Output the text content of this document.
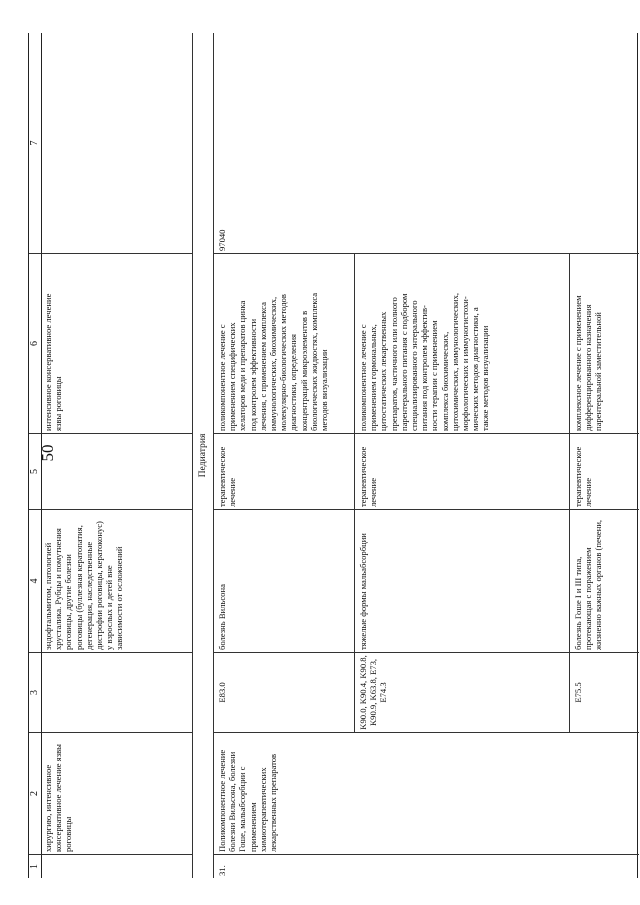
50
1
2
3
4
5
6
7
хирургию, интенсивное
консервативное лечение язвы
роговицы
эндофтальмитом, патологией
хрусталика. Рубцы и помутнения
роговицы, другие болезни
роговицы (буллезная кератопатия,
дегенерация, наследственные
дистрофии роговицы, кератоконус)
у взрослых и детей вне
зависимости от осложнений
интенсивное консервативное лечение
язвы роговицы
Педиатрия
31.
Поликомпонентное лечение
болезни Вильсона, болезни
Гоше, мальабсорбции с
применением
химиотерапевтических
лекарственных препаратов
97040
E83.0
болезнь Вильсона
терапевтическое
лечение
поликомпонентное лечение с
применением специфических
хелаторов меди и препаратов цинка
под контролем эффективности
лечения, с применением комплекса
иммунологических, биохимических,
молекулярно-биологических методов
диагностики, определения
концентраций микроэлементов в
биологических жидкостях, комплекса
методов визуализации
K90.0, K90.4, K90.8,
K90.9, K63.8, E73,
E74.3
тяжелые формы мальабсорбции
терапевтическое
лечение
поликомпонентное лечение с
применением гормональных,
цитостатических лекарственных
препаратов, частичного или полного
парентерального питания с подбором
специализированного энтерального
питания под контролем эффектив-
ности терапии с применением
комплекса биохимических,
цитохимических, иммунологических,
морфологических и иммуногистохи-
мических методов диагностики, а
также методов визуализации
E75.5
болезнь Гоше I и III типа,
протекающая с поражением
жизненно важных органов (печени,
терапевтическое
лечение
комплексное лечение с применением
дифференцированного назначения
парентеральной заместительной
